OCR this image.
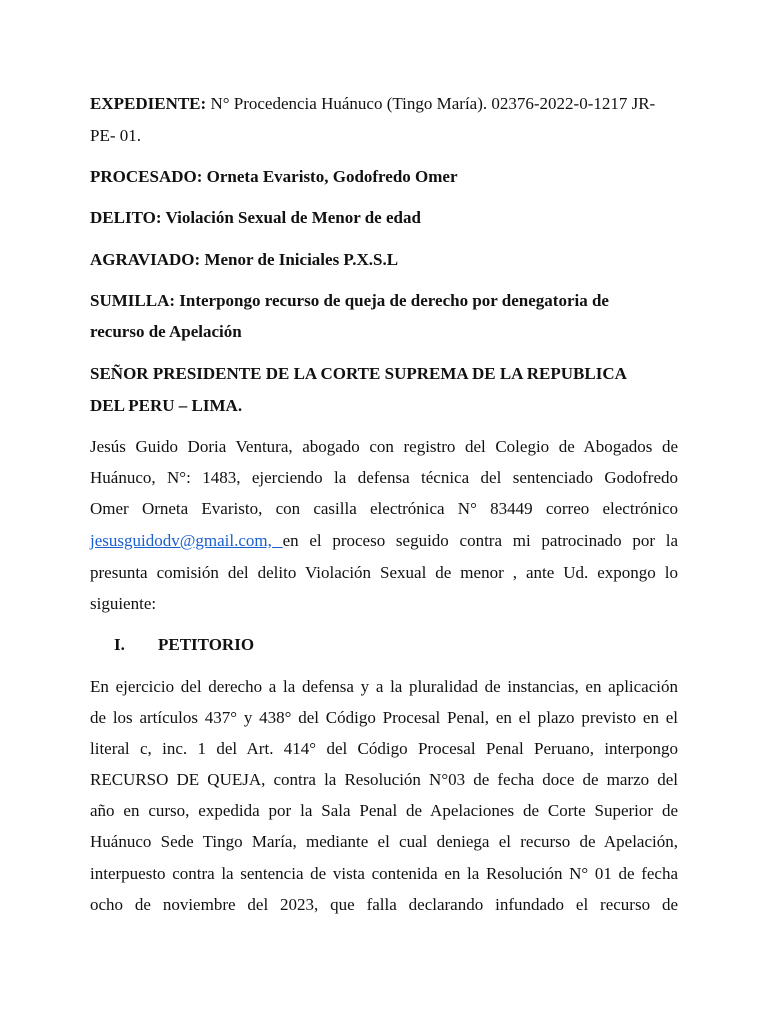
EXPEDIENTE: N° Procedencia Huánuco (Tingo María). 02376-2022-0-1217 JR-
PE- 01.
PROCESADO: Orneta Evaristo, Godofredo Omer
DELITO: Violación Sexual de Menor de edad
AGRAVIADO: Menor de Iniciales P.X.S.L
SUMILLA: Interpongo recurso de queja de derecho por denegatoria de
recurso de Apelación
SEÑOR PRESIDENTE DE LA CORTE SUPREMA DE LA REPUBLICA
DEL PERU – LIMA.
Jesús Guido Doria Ventura, abogado con registro del Colegio de Abogados de
Huánuco, N°: 1483, ejerciendo la defensa técnica del sentenciado Godofredo
Omer Orneta Evaristo, con casilla electrónica N° 83449 correo electrónico
jesusguidodv@gmail.com, en el proceso seguido contra mi patrocinado por la
presunta comisión del delito Violación Sexual de menor , ante Ud. expongo lo
siguiente:
I. PETITORIO
En ejercicio del derecho a la defensa y a la pluralidad de instancias, en aplicación
de los artículos 437° y 438° del Código Procesal Penal, en el plazo previsto en el
literal c, inc. 1 del Art. 414° del Código Procesal Penal Peruano, interpongo
RECURSO DE QUEJA, contra la Resolución N°03 de fecha doce de marzo del
año en curso, expedida por la Sala Penal de Apelaciones de Corte Superior de
Huánuco Sede Tingo María, mediante el cual deniega el recurso de Apelación,
interpuesto contra la sentencia de vista contenida en la Resolución N° 01 de fecha
ocho de noviembre del 2023, que falla declarando infundado el recurso de
